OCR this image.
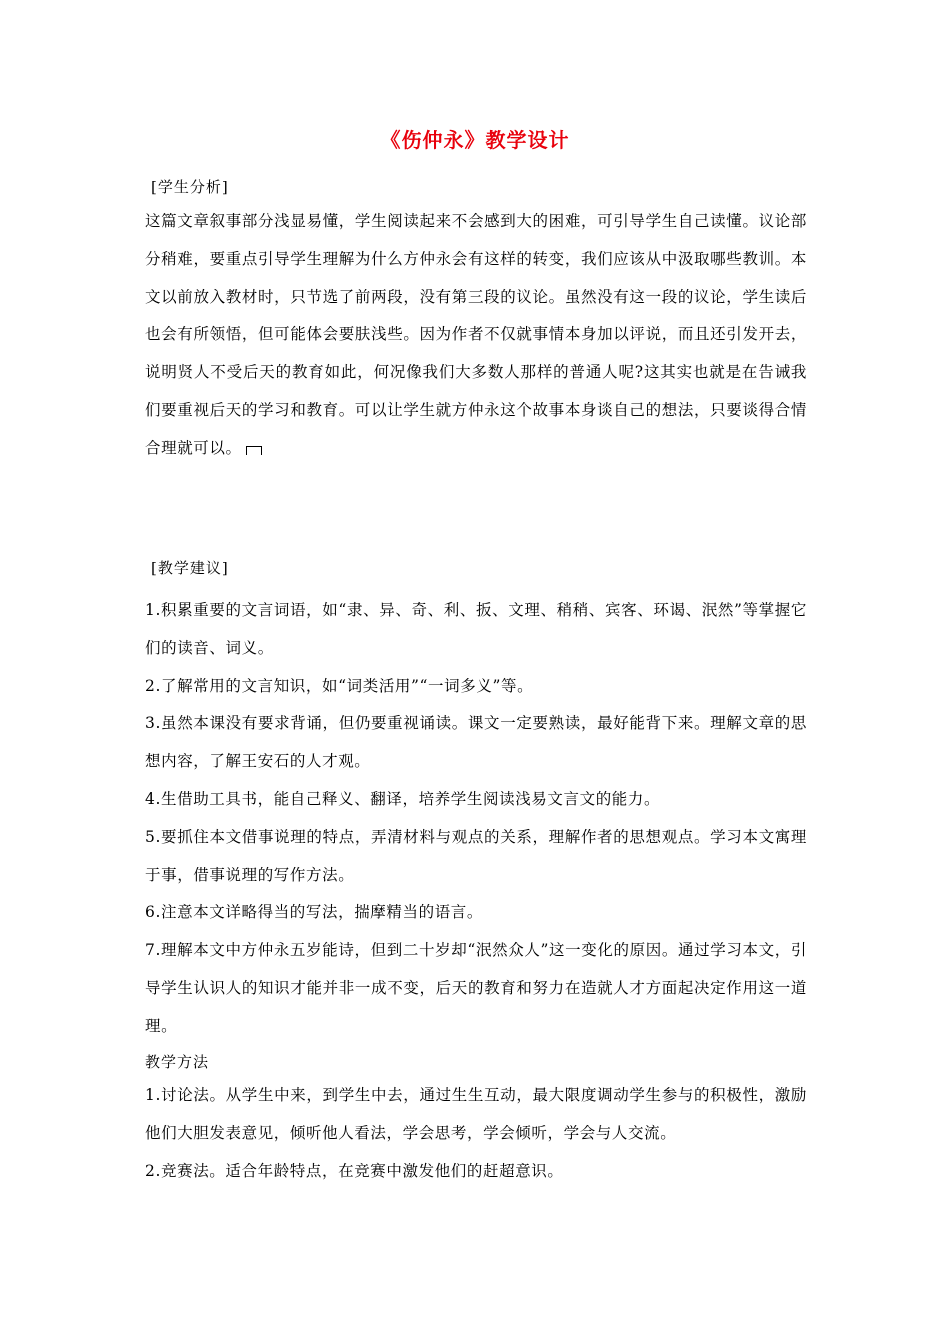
《伤仲永》教学设计
[学生分析]
这篇文章叙事部分浅显易懂，学生阅读起来不会感到大的困难，可引导学生自己读懂。议论部分稍难，要重点引导学生理解为什么方仲永会有这样的转变，我们应该从中汲取哪些教训。本文以前放入教材时，只节选了前两段，没有第三段的议论。虽然没有这一段的议论，学生读后也会有所领悟，但可能体会要肤浅些。因为作者不仅就事情本身加以评说，而且还引发开去，说明贤人不受后天的教育如此，何况像我们大多数人那样的普通人呢?这其实也就是在告诫我们要重视后天的学习和教育。可以让学生就方仲永这个故事本身谈自己的想法，只要谈得合情合理就可以。
[教学建议]
1.积累重要的文言词语，如“隶、异、奇、利、扳、文理、稍稍、宾客、环谒、泯然”等掌握它们的读音、词义。
2.了解常用的文言知识，如“词类活用”“一词多义”等。
3.虽然本课没有要求背诵，但仍要重视诵读。课文一定要熟读，最好能背下来。理解文章的思想内容，了解王安石的人才观。
4.生借助工具书，能自己释义、翻译，培养学生阅读浅易文言文的能力。
5.要抓住本文借事说理的特点，弄清材料与观点的关系，理解作者的思想观点。学习本文寓理于事，借事说理的写作方法。
6.注意本文详略得当的写法，揣摩精当的语言。
7.理解本文中方仲永五岁能诗，但到二十岁却“泯然众人”这一变化的原因。通过学习本文，引导学生认识人的知识才能并非一成不变，后天的教育和努力在造就人才方面起决定作用这一道理。
教学方法
1.讨论法。从学生中来，到学生中去，通过生生互动，最大限度调动学生参与的积极性，激励他们大胆发表意见，倾听他人看法，学会思考，学会倾听，学会与人交流。
2.竞赛法。适合年龄特点，在竞赛中激发他们的赶超意识。
